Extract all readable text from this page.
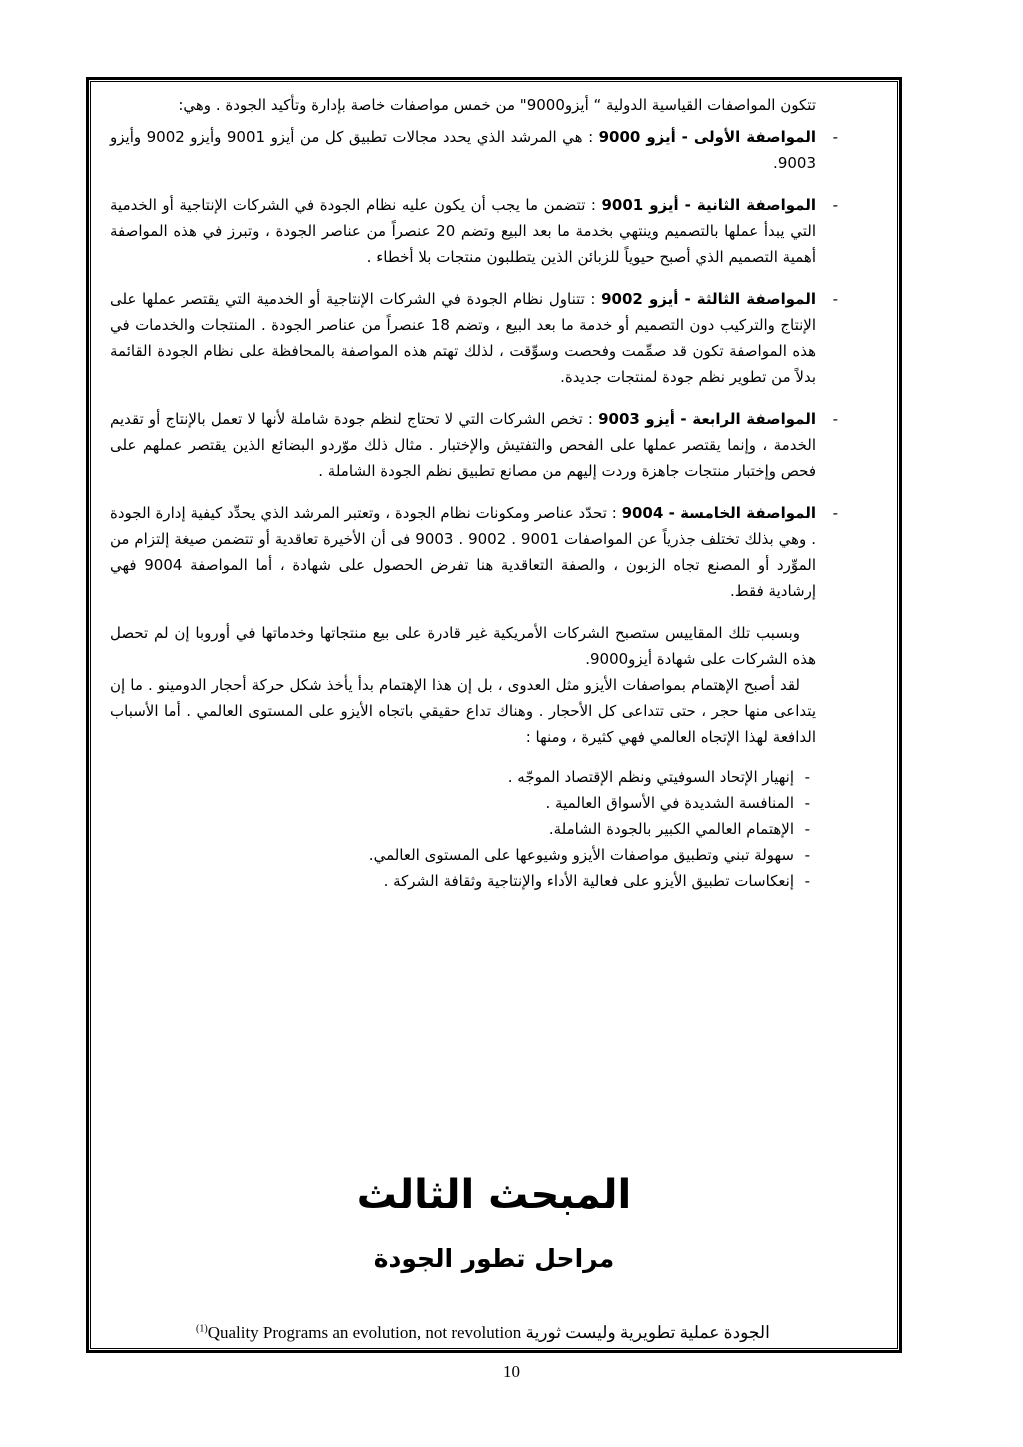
تتكون المواصفات القياسية الدولية “ أيزو9000" من خمس مواصفات خاصة بإدارة وتأكيد الجودة . وهي:

-
المواصفة الأولى - أيزو 9000 : هي المرشد الذي يحدد مجالات تطبيق كل من أيزو 9001 وأيزو 9002 وأيزو 9003.

-
المواصفة الثانية - أيزو 9001 : تتضمن ما يجب أن يكون عليه نظام الجودة في الشركات الإنتاجية أو الخدمية التي يبدأ عملها بالتصميم وينتهي بخدمة ما بعد البيع وتضم 20 عنصراً من عناصر الجودة ، وتبرز في هذه المواصفة أهمية التصميم الذي أصبح حيوياً للزبائن الذين يتطلبون منتجات بلا أخطاء .

-
المواصفة الثالثة - أيزو 9002 : تتناول نظام الجودة في الشركات الإنتاجية أو الخدمية التي يقتصر عملها على الإنتاج والتركيب دون التصميم أو خدمة ما بعد البيع ، وتضم 18 عنصراً من عناصر الجودة . المنتجات والخدمات في هذه المواصفة تكون قد صمِّمت وفحصت وسوِّقت ، لذلك تهتم هذه المواصفة بالمحافظة على نظام الجودة القائمة بدلاً من تطوير نظم جودة لمنتجات جديدة.

-
المواصفة الرابعة - أيزو 9003 : تخص الشركات التي لا تحتاج لنظم جودة شاملة لأنها لا تعمل بالإنتاج أو تقديم الخدمة ، وإنما يقتصر عملها على الفحص والتفتيش والإختبار . مثال ذلك موّردو البضائع الذين يقتصر عملهم على فحص وإختبار منتجات جاهزة وردت إليهم من مصانع تطبيق نظم الجودة الشاملة .

-
المواصفة الخامسة - 9004 : تحدّد عناصر ومكونات نظام الجودة ، وتعتبر المرشد الذي يحدِّد كيفية إدارة الجودة . وهي بذلك تختلف جذرياً عن المواصفات 9001 . 9002 . 9003 فى أن الأخيرة تعاقدية أو تتضمن صيغة إلتزام من الموِّرد أو المصنع تجاه الزبون ، والصفة التعاقدية هنا تفرض الحصول على شهادة ، أما المواصفة 9004 فهي إرشادية فقط.

وبسبب تلك المقاييس ستصبح الشركات الأمريكية غير قادرة على بيع منتجاتها وخدماتها في أوروبا إن لم تحصل هذه الشركات على شهادة أيزو9000.

لقد أصبح الإهتمام بمواصفات الأيزو مثل العدوى ، بل إن هذا الإهتمام بدأ يأخذ شكل حركة أحجار الدومينو . ما إن يتداعى منها حجر ، حتى تتداعى كل الأحجار . وهناك تداع حقيقي باتجاه الأيزو على المستوى العالمي . أما الأسباب الدافعة لهذا الإتجاه العالمي فهي كثيرة ، ومنها :

-
إنهيار الإتحاد السوفيتي ونظم الإقتصاد الموجّه .
-
المنافسة الشديدة في الأسواق العالمية .
-
الإهتمام العالمي الكبير بالجودة الشاملة.
-
سهولة تبني وتطبيق مواصفات الأيزو وشيوعها على المستوى العالمي.
-
إنعكاسات تطبيق الأيزو على فعالية الأداء والإنتاجية وثقافة الشركة .
المبحث الثالث
مراحل تطور الجودة
الجودة عملية تطويرية وليست ثورية Quality Programs an evolution, not revolution$^{(1)}$
10
